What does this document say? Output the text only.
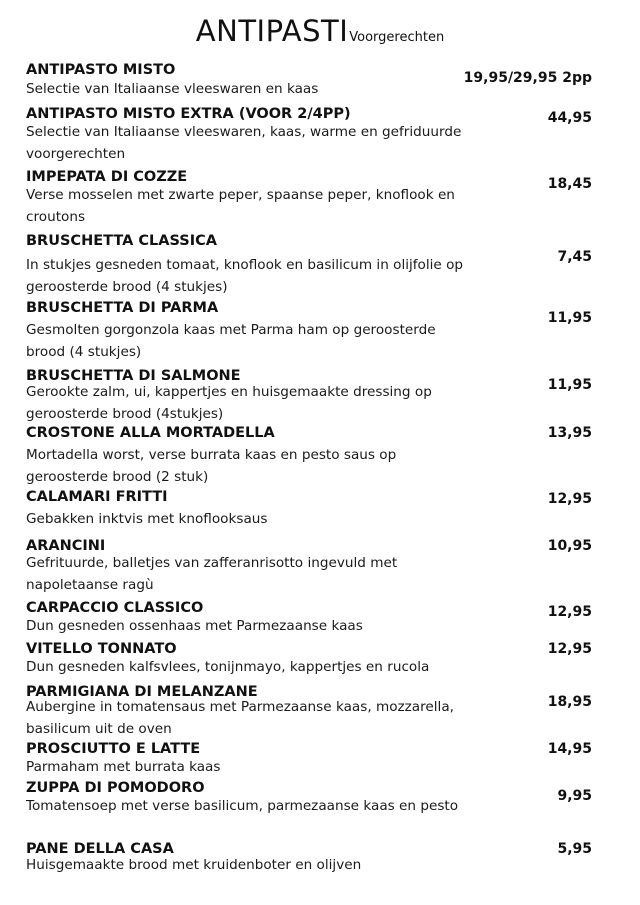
ANTIPASTIVoorgerechten
ANTIPASTO MISTO
Selectie van Italiaanse vleeswaren en kaas
19,95/29,95 2pp
ANTIPASTO MISTO EXTRA (VOOR 2/4PP)
Selectie van Italiaanse vleeswaren, kaas, warme en gefriduurde voorgerechten
44,95
IMPEPATA DI COZZE
Verse mosselen met zwarte peper, spaanse peper, knoflook en croutons
18,45
BRUSCHETTA CLASSICA
In stukjes gesneden tomaat, knoflook en basilicum in olijfolie op geroosterde brood (4 stukjes)
7,45
BRUSCHETTA DI PARMA
Gesmolten gorgonzola kaas met Parma ham op geroosterde brood (4 stukjes)
11,95
BRUSCHETTA DI SALMONE
Gerookte zalm, ui, kappertjes en huisgemaakte dressing op geroosterde brood (4stukjes)
11,95
CROSTONE ALLA MORTADELLA
Mortadella worst, verse burrata kaas en pesto saus op geroosterde brood (2 stuk)
13,95
CALAMARI FRITTI
Gebakken inktvis met knoflooksaus
12,95
ARANCINI
Gefrituurde, balletjes van zafferanrisotto ingevuld met napoletaanse ragù
10,95
CARPACCIO CLASSICO
Dun gesneden ossenhaas met Parmezaanse kaas
12,95
VITELLO TONNATO
Dun gesneden kalfsvlees, tonijnmayo, kappertjes en rucola
12,95
PARMIGIANA DI MELANZANE
Aubergine in tomatensaus met Parmezaanse kaas, mozzarella, basilicum uit de oven
18,95
PROSCIUTTO E LATTE
Parmaham met burrata kaas
14,95
ZUPPA DI POMODORO
Tomatensoep met verse basilicum, parmezaanse kaas en pesto
9,95
PANE DELLA CASA
Huisgemaakte brood met kruidenboter en olijven
5,95
